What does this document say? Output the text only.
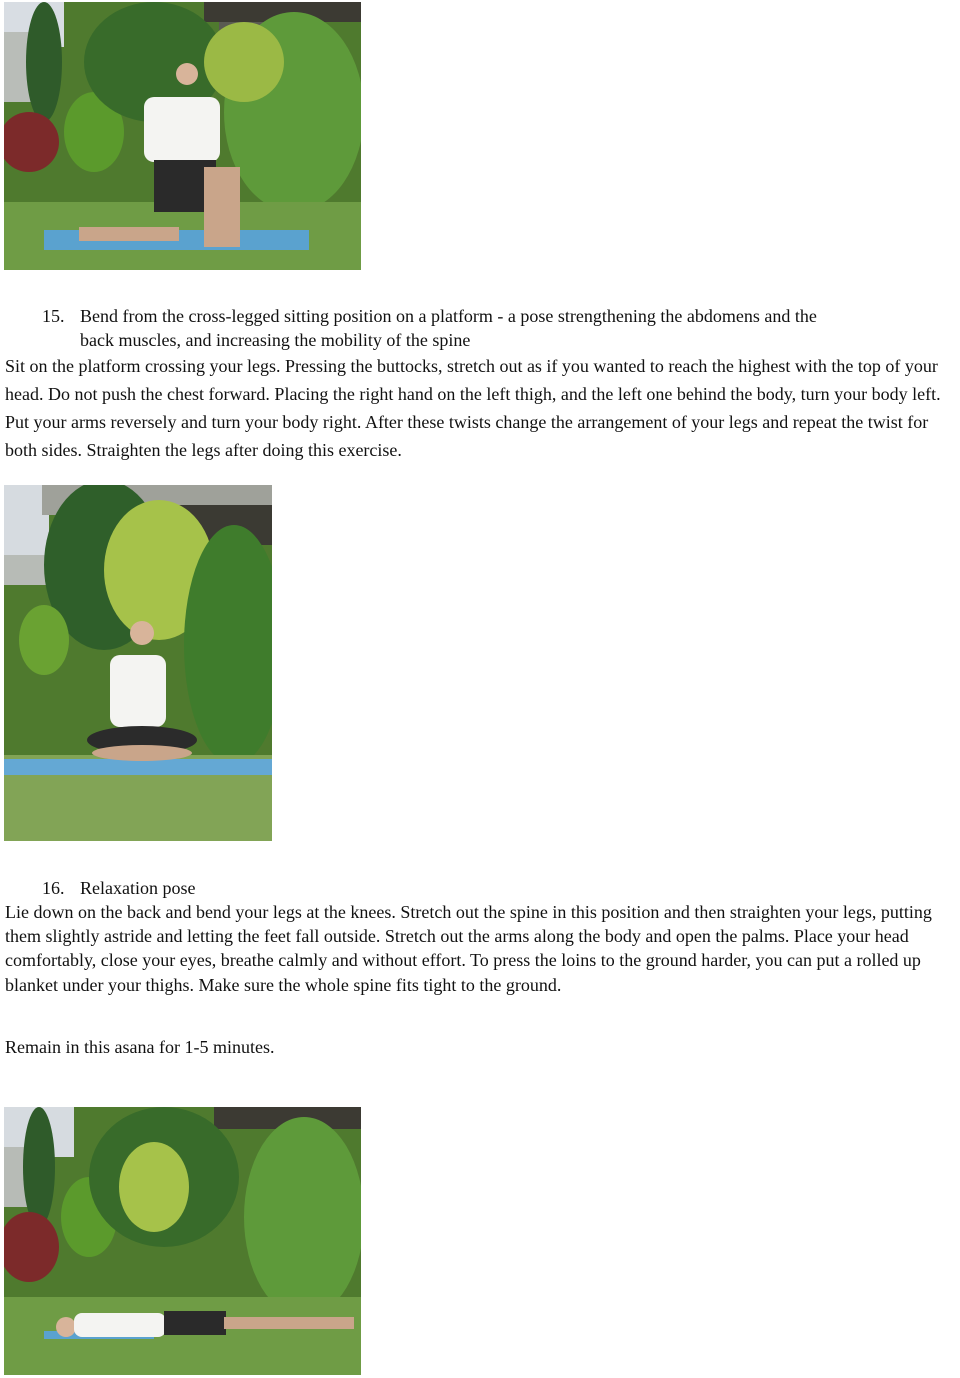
15. Bend from the cross-legged sitting position on a platform - a pose strengthening the abdomens and the
back muscles, and increasing the mobility of the spine
Sit on the platform crossing your legs. Pressing the buttocks, stretch out as if you wanted to reach the highest with the top of your head. Do not push the chest forward. Placing the right hand on the left thigh, and the left one behind the body, turn your body left. Put your arms reversely and turn your body right. After these twists change the arrangement of your legs and repeat the twist for both sides. Straighten the legs after doing this exercise.
16. Relaxation pose
Lie down on the back and bend your legs at the knees. Stretch out the spine in this position and then straighten your legs, putting them slightly astride and letting the feet fall outside. Stretch out the arms along the body and open the palms. Place your head comfortably, close your eyes, breathe calmly and without effort. To press the loins to the ground harder, you can put a rolled up blanket under your thighs. Make sure the whole spine fits tight to the ground.
Remain in this asana for 1-5 minutes.
